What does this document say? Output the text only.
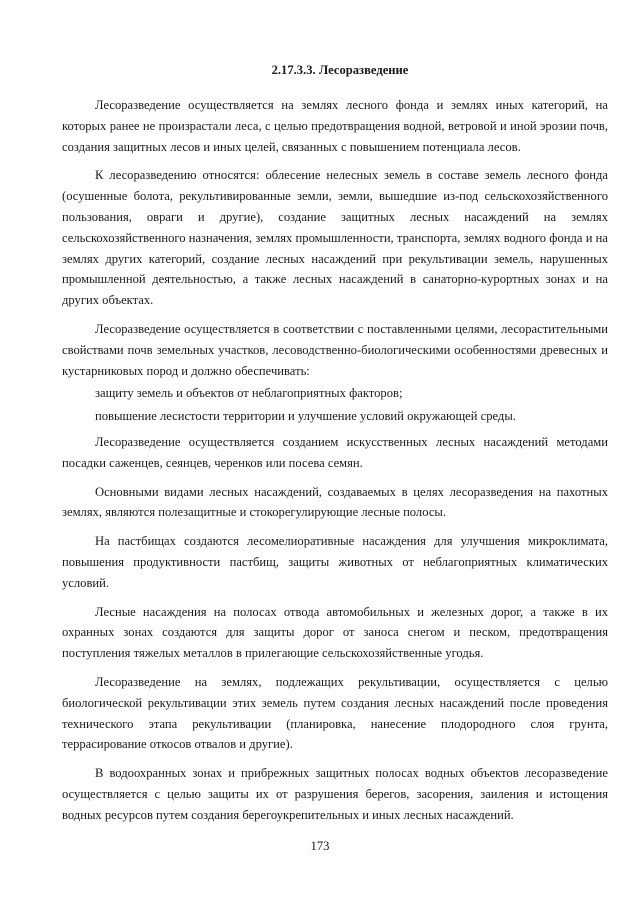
2.17.3.3. Лесоразведение

Лесоразведение осуществляется на землях лесного фонда и землях иных категорий, на которых ранее не произрастали леса, с целью предотвращения водной, ветровой и иной эрозии почв, создания защитных лесов и иных целей, связанных с повышением потенциала лесов.

К лесоразведению относятся: облесение нелесных земель в составе земель лесного фонда (осушенные болота, рекультивированные земли, земли, вышедшие из-под сельскохозяйственного пользования, овраги и другие), создание защитных лесных насаждений на землях сельскохозяйственного назначения, землях промышленности, транспорта, землях водного фонда и на землях других категорий, создание лесных насаждений при рекультивации земель, нарушенных промышленной деятельностью, а также лесных насаждений в санаторно-курортных зонах и на других объектах.

Лесоразведение осуществляется в соответствии с поставленными целями, лесорастительными свойствами почв земельных участков, лесоводственно-биологическими особенностями древесных и кустарниковых пород и должно обеспечивать:

защиту земель и объектов от неблагоприятных факторов;

повышение лесистости территории и улучшение условий окружающей среды.

Лесоразведение осуществляется созданием искусственных лесных насаждений методами посадки саженцев, сеянцев, черенков или посева семян.

Основными видами лесных насаждений, создаваемых в целях лесоразведения на пахотных землях, являются полезащитные и стокорегулирующие лесные полосы.

На пастбищах создаются лесомелиоративные насаждения для улучшения микроклимата, повышения продуктивности пастбищ, защиты животных от неблагоприятных климатических условий.

Лесные насаждения на полосах отвода автомобильных и железных дорог, а также в их охранных зонах создаются для защиты дорог от заноса снегом и песком, предотвращения поступления тяжелых металлов в прилегающие сельскохозяйственные угодья.

Лесоразведение на землях, подлежащих рекультивации, осуществляется с целью биологической рекультивации этих земель путем создания лесных насаждений после проведения технического этапа рекультивации (планировка, нанесение плодородного слоя грунта, террасирование откосов отвалов и другие).

В водоохранных зонах и прибрежных защитных полосах водных объектов лесоразведение осуществляется с целью защиты их от разрушения берегов, засорения, заиления и истощения водных ресурсов путем создания берегоукрепительных и иных лесных насаждений.

173
